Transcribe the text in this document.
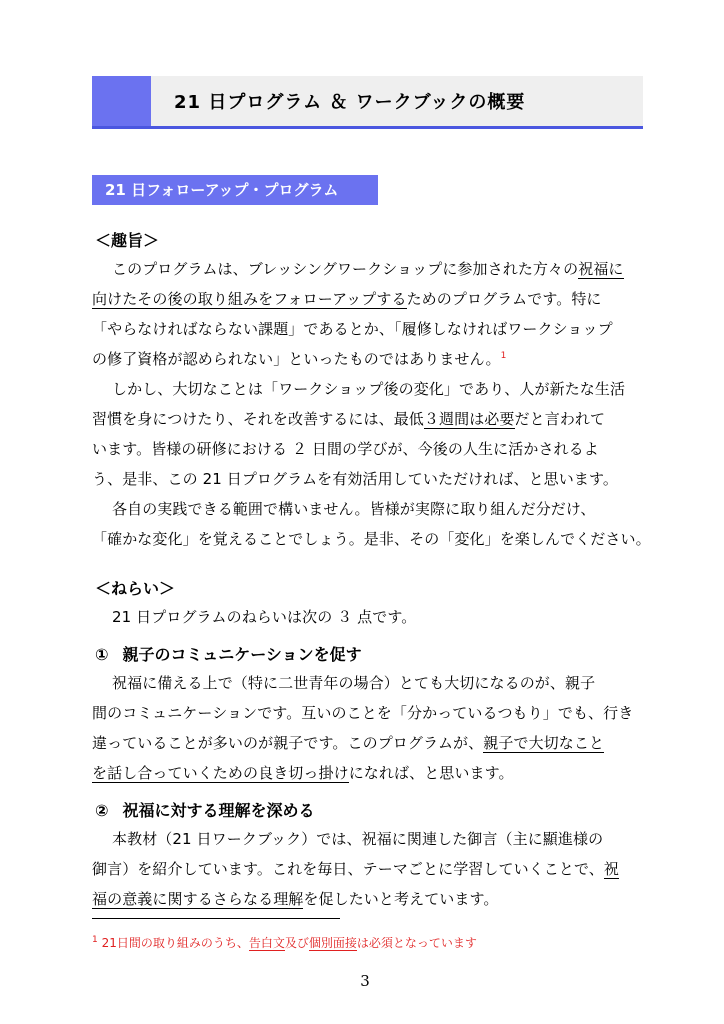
21 日プログラム ＆ ワークブックの概要
21 日フォローアップ・プログラム
＜趣旨＞
このプログラムは、ブレッシングワークショップに参加された方々の祝福に
向けたその後の取り組みをフォローアップするためのプログラムです。特に
「やらなければならない課題」であるとか、「履修しなければワークショップ
の修了資格が認められない」といったものではありません。$^1$
しかし、大切なことは「ワークショップ後の変化」であり、人が新たな生活
習慣を身につけたり、それを改善するには、最低３週間は必要だと言われて
います。皆様の研修における ２ 日間の学びが、今後の人生に活かされるよ
う、是非、この 21 日プログラムを有効活用していただければ、と思います。
各自の実践できる範囲で構いません。皆様が実際に取り組んだ分だけ、
「確かな変化」を覚えることでしょう。是非、その「変化」を楽しんでください。
＜ねらい＞
21 日プログラムのねらいは次の ３ 点です。
① 親子のコミュニケーションを促す
祝福に備える上で（特に二世青年の場合）とても大切になるのが、親子
間のコミュニケーションです。互いのことを「分かっているつもり」でも、行き
違っていることが多いのが親子です。このプログラムが、親子で大切なこと
を話し合っていくための良き切っ掛けになれば、と思います。
② 祝福に対する理解を深める
本教材（21 日ワークブック）では、祝福に関連した御言（主に顯進様の
御言）を紹介しています。これを毎日、テーマごとに学習していくことで、祝
福の意義に関するさらなる理解を促したいと考えています。
$^1$ 21日間の取り組みのうち、告白文及び個別面接は必須となっています
3
